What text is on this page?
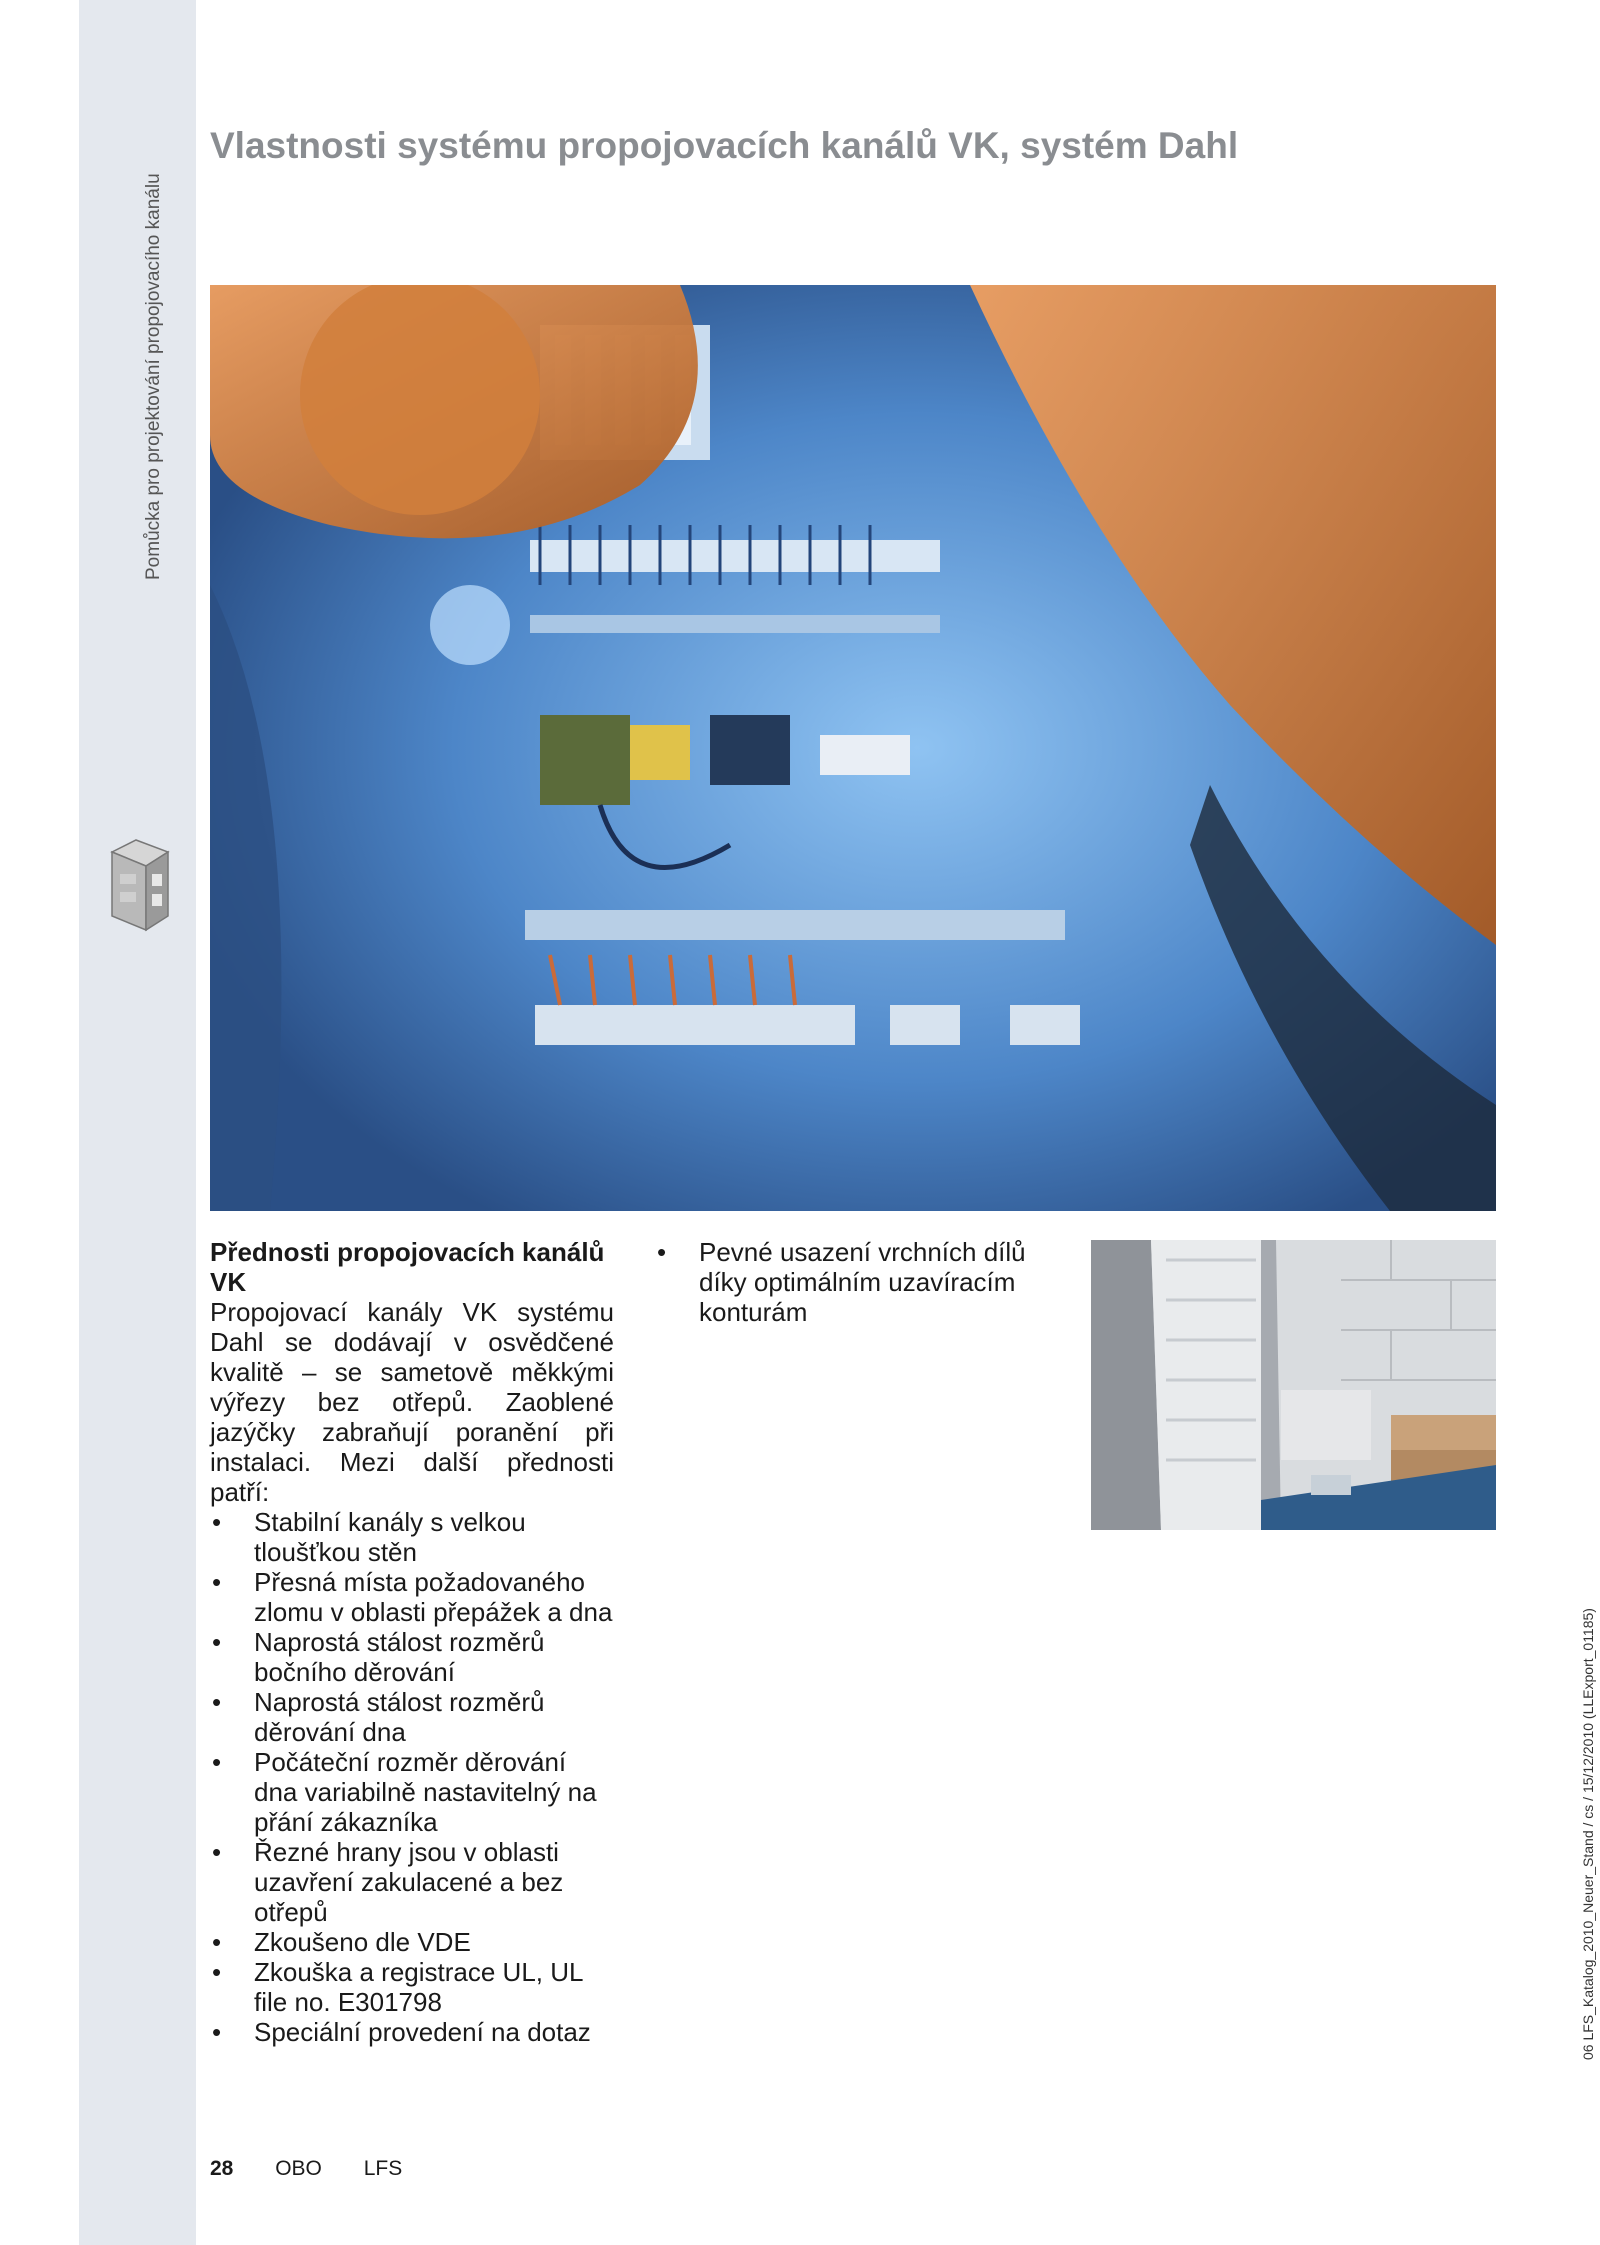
Pomůcka pro projektování propojovacího kanálu
Vlastnosti systému propojovacích kanálů VK, systém Dahl

Přednosti propojovacích kanálů VK

Propojovací kanály VK systému Dahl se dodávají v osvědčené kvalitě – se sametově měkkými výřezy bez otřepů. Zaoblené jazýčky zabraňují poranění při instalaci. Mezi další přednosti patří:

• Stabilní kanály s velkou tloušťkou stěn
• Přesná místa požadovaného zlomu v oblasti přepážek a dna
• Naprostá stálost rozměrů bočního děrování
• Naprostá stálost rozměrů děrování dna
• Počáteční rozměr děrování dna variabilně nastavitelný na přání zákazníka
• Řezné hrany jsou v oblasti uzavření zakulacené a bez otřepů
• Zkoušeno dle VDE
• Zkouška a registrace UL, UL file no. E301798
• Speciální provedení na dotaz
• Pevné usazení vrchních dílů díky optimálním uzavíracím konturám
28 OBO LFS
06 LFS_Katalog_2010_Neuer_Stand / cs / 15/12/2010 (LLExport_01185)
